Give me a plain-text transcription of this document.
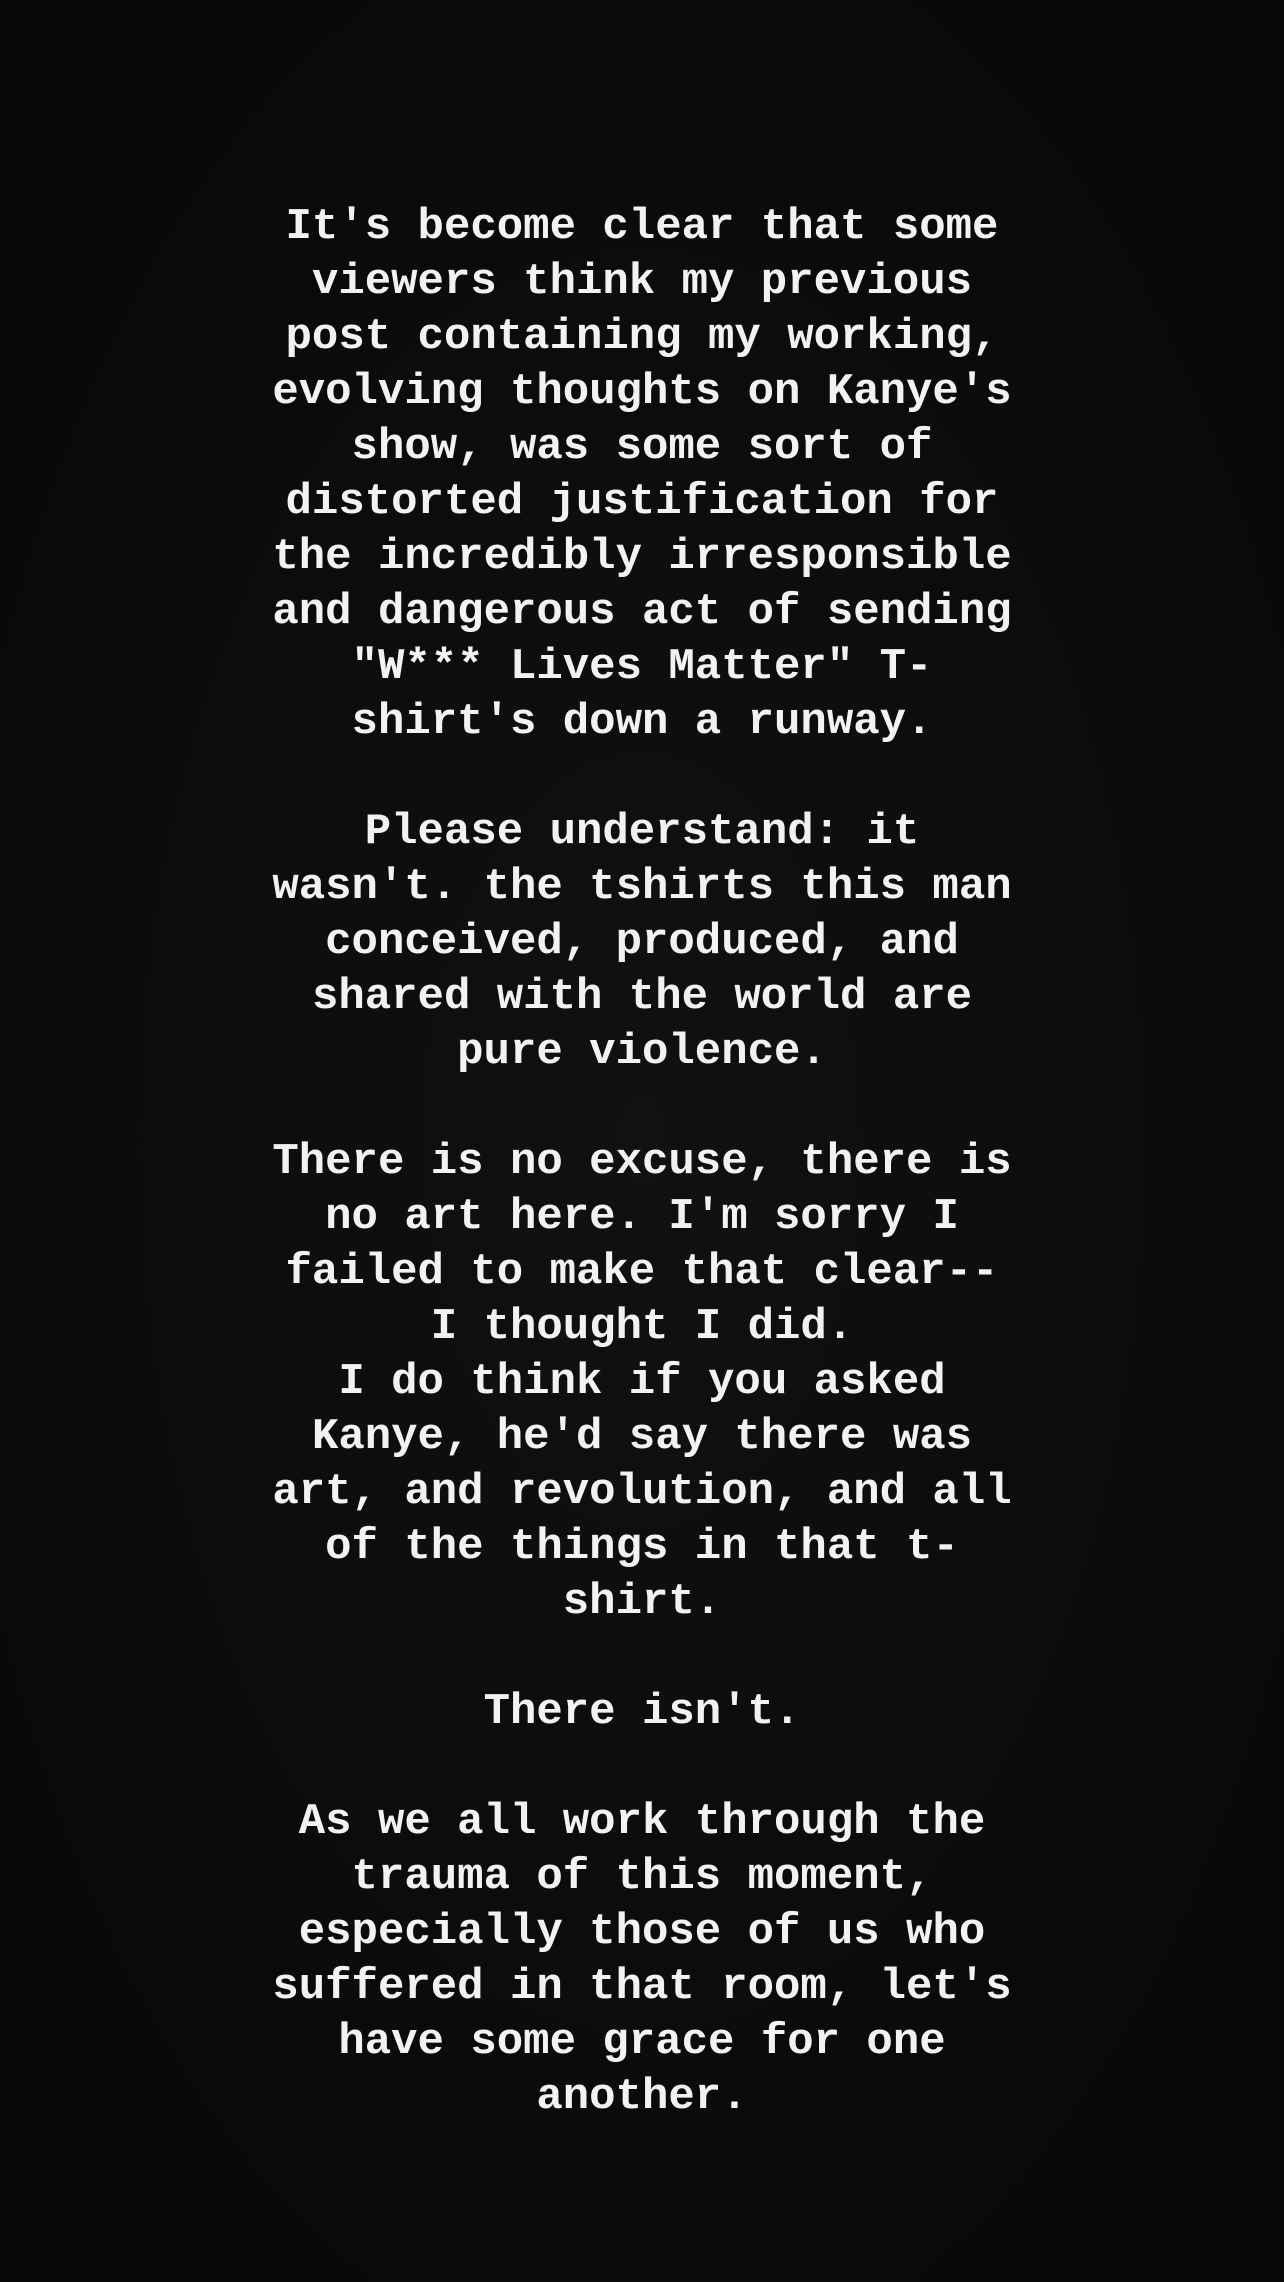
It's become clear that some
viewers think my previous
post containing my working,
evolving thoughts on Kanye's
show, was some sort of
distorted justification for
the incredibly irresponsible
and dangerous act of sending
"W*** Lives Matter" T-
shirt's down a runway.
Please understand: it
wasn't. the tshirts this man
conceived, produced, and
shared with the world are
pure violence.
There is no excuse, there is
no art here. I'm sorry I
failed to make that clear--
I thought I did.
I do think if you asked
Kanye, he'd say there was
art, and revolution, and all
of the things in that t-
shirt.
There isn't.
As we all work through the
trauma of this moment,
especially those of us who
suffered in that room, let's
have some grace for one
another.
